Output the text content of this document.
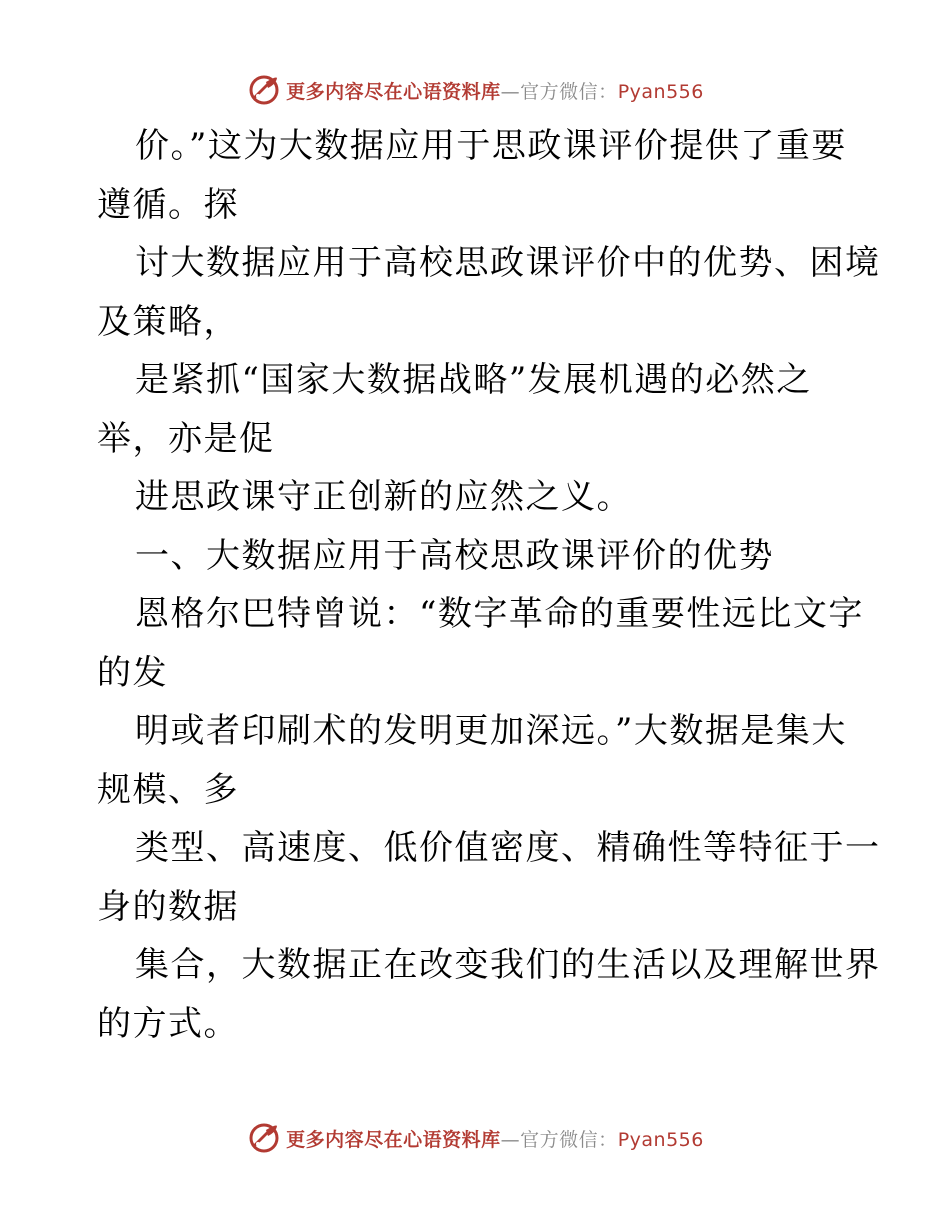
更多内容尽在心语资料库—官方微信：Pyan556
价。”这为大数据应用于思政课评价提供了重要
遵循。探
讨大数据应用于高校思政课评价中的优势、困境
及策略，
是紧抓“国家大数据战略”发展机遇的必然之
举，亦是促
进思政课守正创新的应然之义。
一、大数据应用于高校思政课评价的优势
恩格尔巴特曾说：“数字革命的重要性远比文字
的发
明或者印刷术的发明更加深远。”大数据是集大
规模、多
类型、高速度、低价值密度、精确性等特征于一
身的数据
集合，大数据正在改变我们的生活以及理解世界
的方式。
更多内容尽在心语资料库—官方微信：Pyan556
